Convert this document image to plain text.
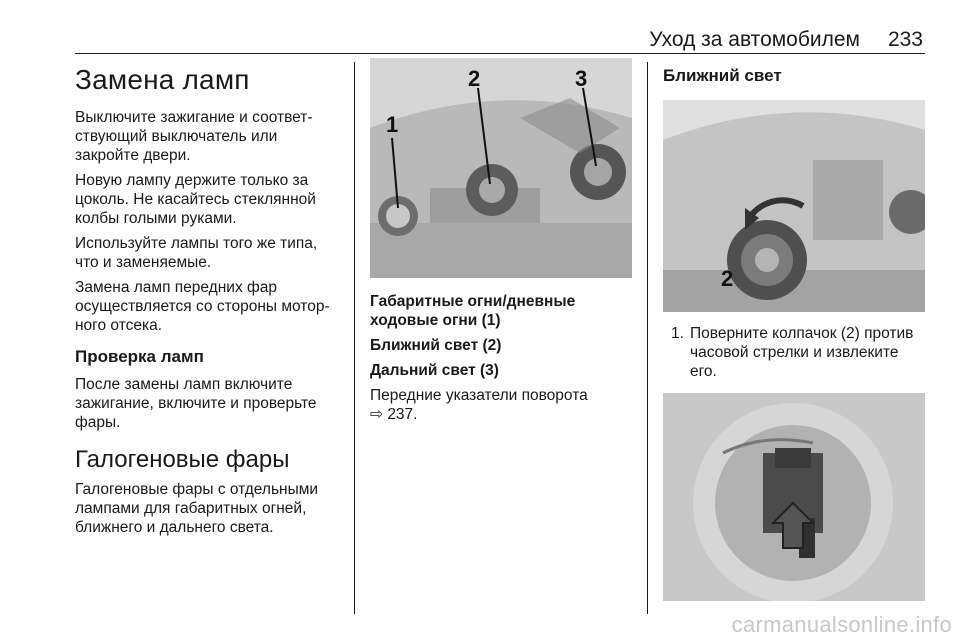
Уход за автомобилем 233
Замена ламп

Выключите зажигание и соответ-ствующий выключатель или закройте двери.

Новую лампу держите только за цоколь. Не касайтесь стеклянной колбы голыми руками.

Используйте лампы того же типа, что и заменяемые.

Замена ламп передних фар осуществляется со стороны мотор-ного отсека.

Проверка ламп

После замены ламп включите зажигание, включите и проверьте фары.

Галогеновые фары

Галогеновые фары с отдельными лампами для габаритных огней, ближнего и дальнего света.

1
2	3

Габаритные огни/дневные ходовые огни (1)

Ближний свет (2)

Дальний свет (3)

Передние указатели поворота
⇨ 237.

Ближний свет
2
1. Поверните колпачок (2) против часовой стрелки и извлеките его.
carmanualsonline.info
